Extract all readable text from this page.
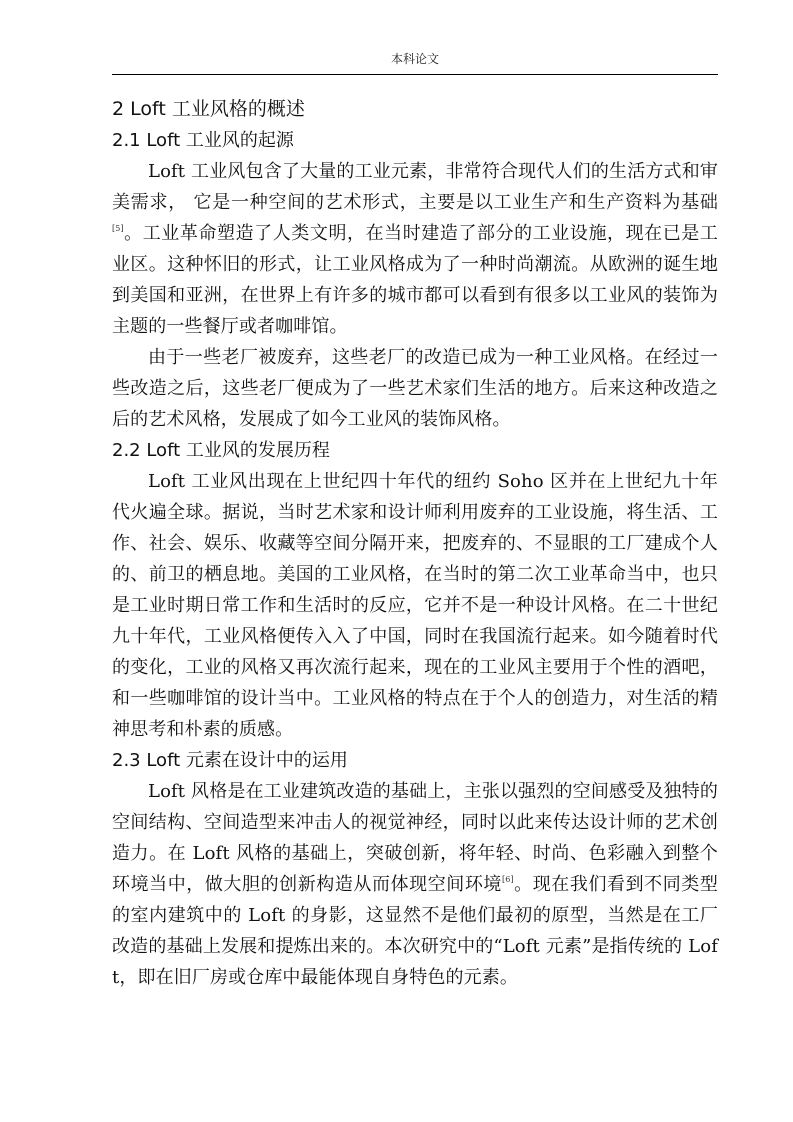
本科论文
2 Loft 工业风格的概述
2.1 Loft 工业风的起源

Loft 工业风包含了大量的工业元素，非常符合现代人们的生活方式和审美需求， 它是一种空间的艺术形式，主要是以工业生产和生产资料为基础[5]。工业革命塑造了人类文明，在当时建造了部分的工业设施，现在已是工业区。这种怀旧的形式，让工业风格成为了一种时尚潮流。从欧洲的诞生地到美国和亚洲，在世界上有许多的城市都可以看到有很多以工业风的装饰为主题的一些餐厅或者咖啡馆。

由于一些老厂被废弃，这些老厂的改造已成为一种工业风格。在经过一些改造之后，这些老厂便成为了一些艺术家们生活的地方。后来这种改造之后的艺术风格，发展成了如今工业风的装饰风格。

2.2 Loft 工业风的发展历程

Loft 工业风出现在上世纪四十年代的纽约 Soho 区并在上世纪九十年代火遍全球。据说，当时艺术家和设计师利用废弃的工业设施，将生活、工作、社会、娱乐、收藏等空间分隔开来，把废弃的、不显眼的工厂建成个人的、前卫的栖息地。美国的工业风格，在当时的第二次工业革命当中，也只是工业时期日常工作和生活时的反应，它并不是一种设计风格。在二十世纪九十年代，工业风格便传入入了中国，同时在我国流行起来。如今随着时代的变化，工业的风格又再次流行起来，现在的工业风主要用于个性的酒吧，和一些咖啡馆的设计当中。工业风格的特点在于个人的创造力，对生活的精神思考和朴素的质感。

2.3 Loft 元素在设计中的运用

Loft 风格是在工业建筑改造的基础上，主张以强烈的空间感受及独特的空间结构、空间造型来冲击人的视觉神经，同时以此来传达设计师的艺术创造力。在 Loft 风格的基础上，突破创新，将年轻、时尚、色彩融入到整个环境当中，做大胆的创新构造从而体现空间环境[6]。现在我们看到不同类型的室内建筑中的 Loft 的身影，这显然不是他们最初的原型，当然是在工厂改造的基础上发展和提炼出来的。本次研究中的“Loft 元素”是指传统的 Loft，即在旧厂房或仓库中最能体现自身特色的元素。
